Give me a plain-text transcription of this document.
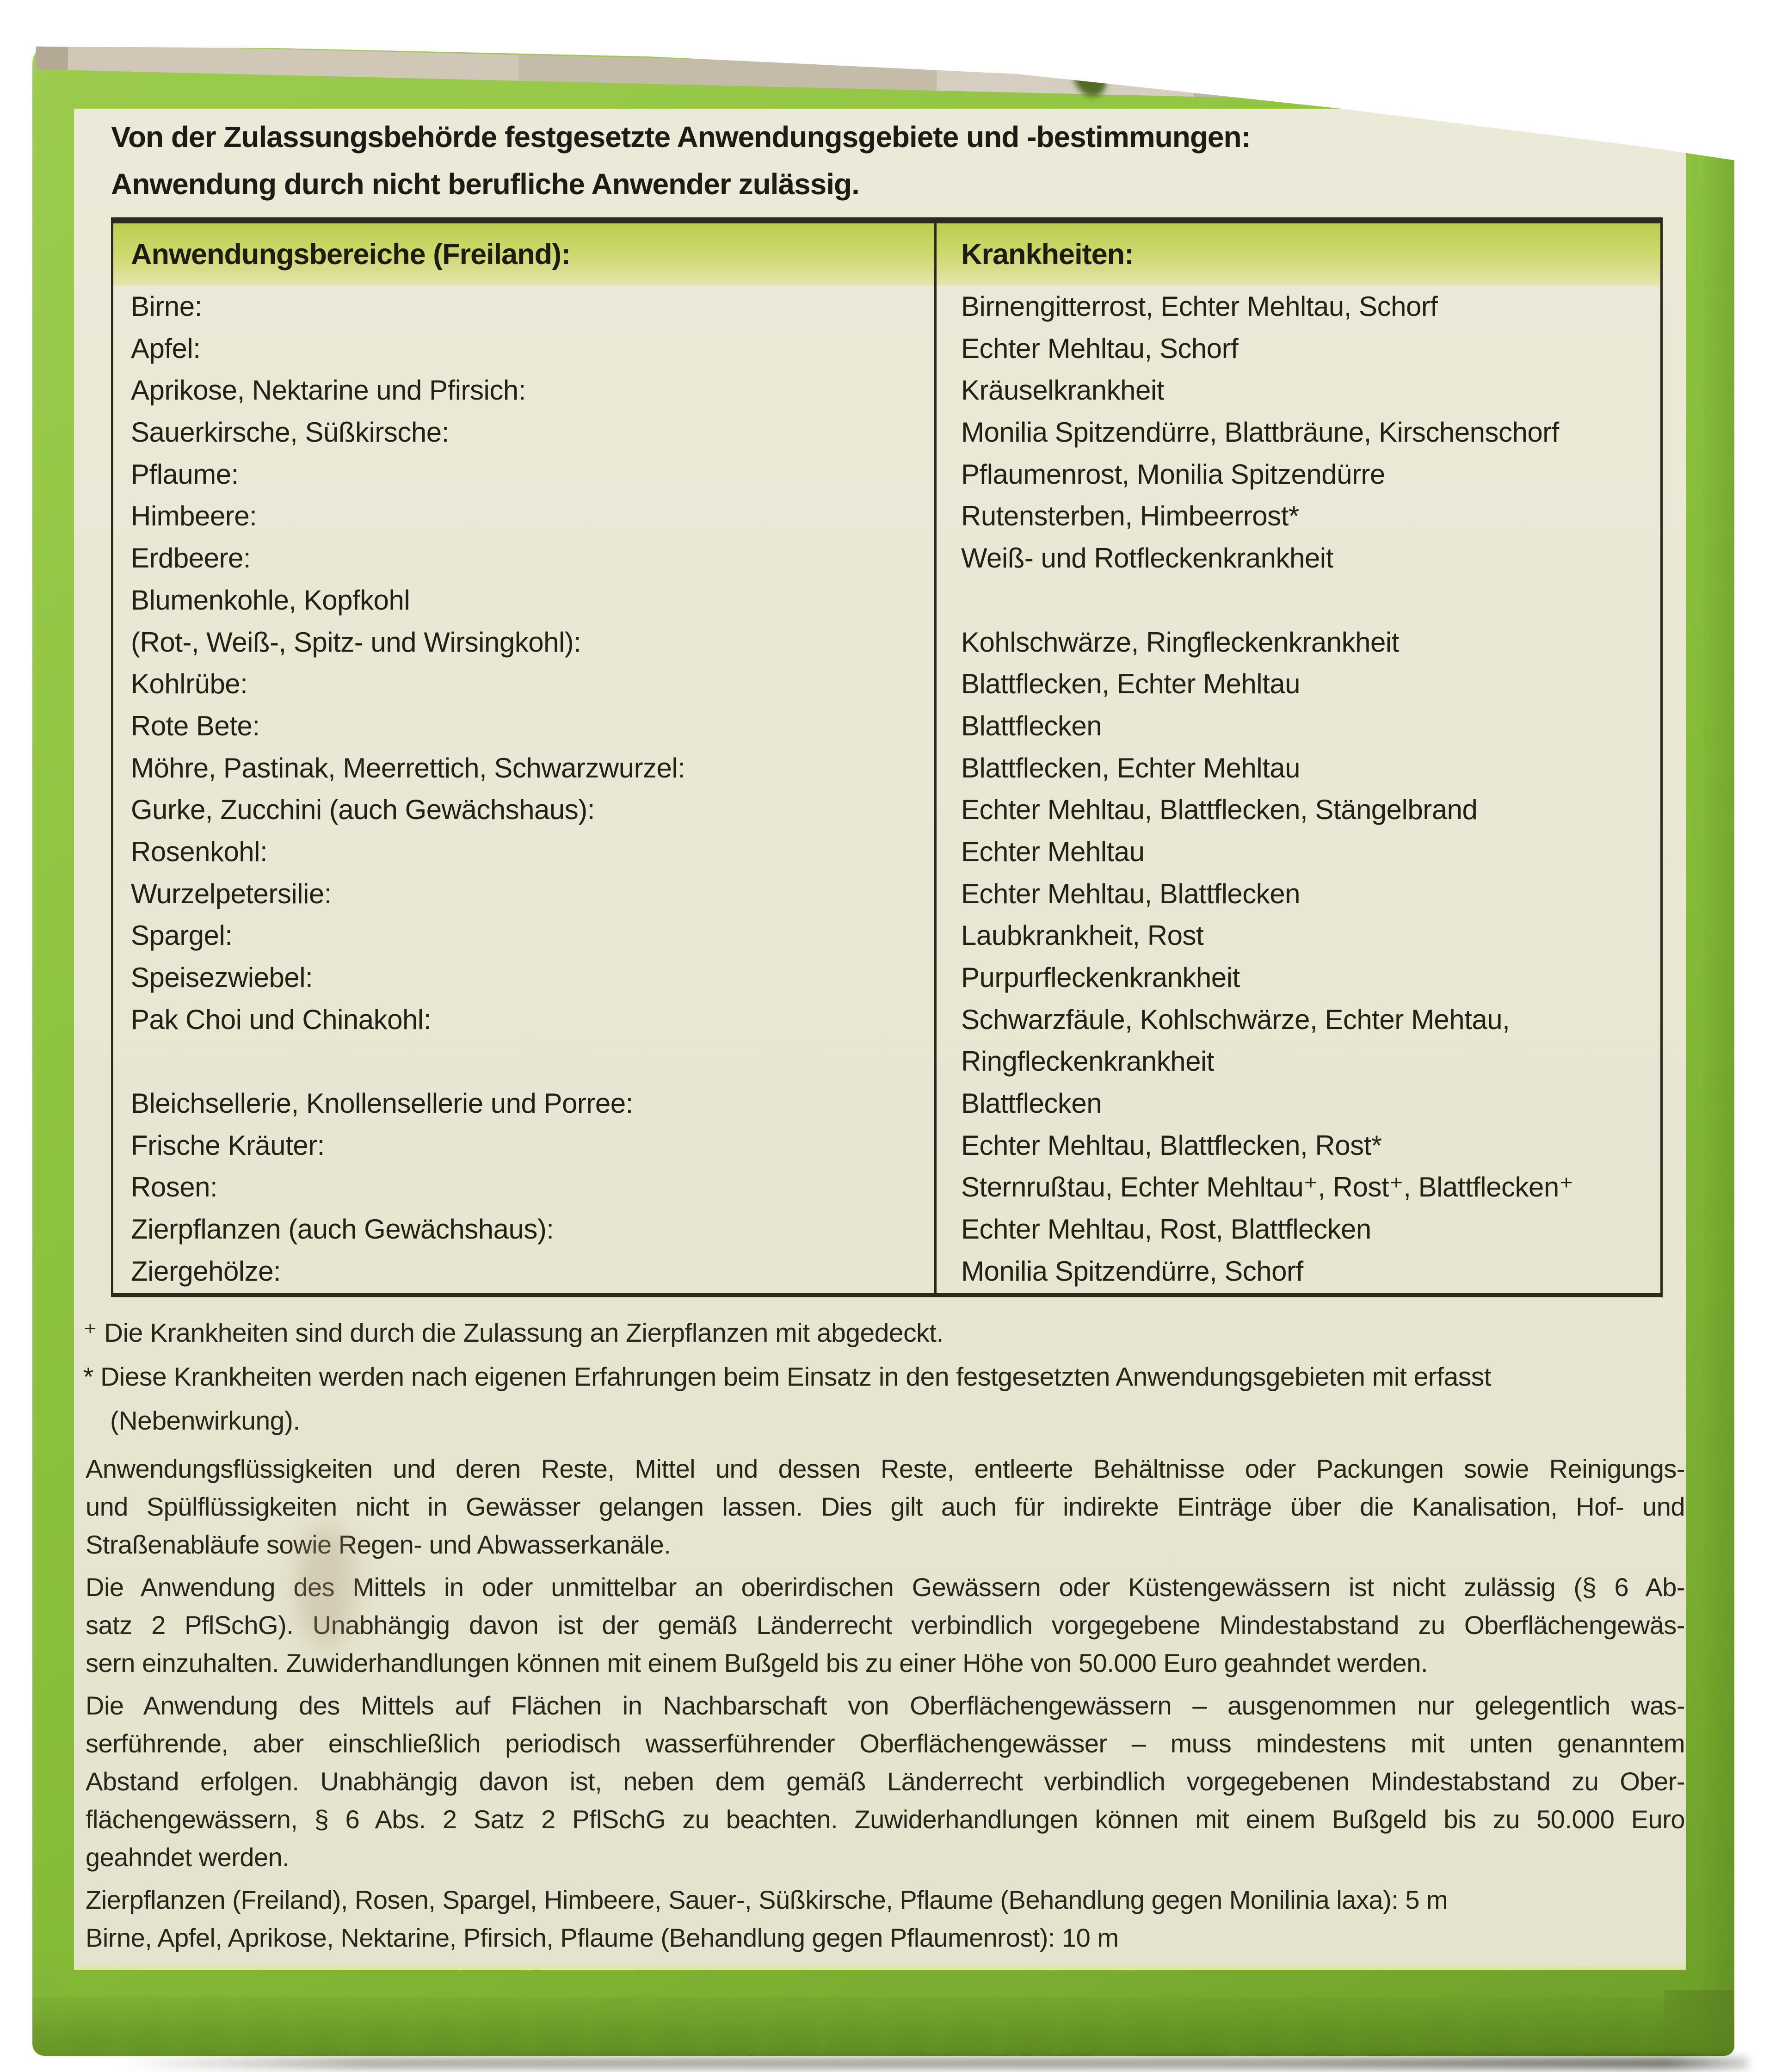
Von der Zulassungsbehörde festgesetzte Anwendungsgebiete und -bestimmungen:
Anwendung durch nicht berufliche Anwender zulässig.
Anwendungsbereiche (Freiland):	Krankheiten:
Birne:	Birnengitterrost, Echter Mehltau, Schorf
Apfel:	Echter Mehltau, Schorf
Aprikose, Nektarine und Pfirsich:	Kräuselkrankheit
Sauerkirsche, Süßkirsche:	Monilia Spitzendürre, Blattbräune, Kirschenschorf
Pflaume:	Pflaumenrost, Monilia Spitzendürre
Himbeere:	Rutensterben, Himbeerrost*
Erdbeere:	Weiß- und Rotfleckenkrankheit
Blumenkohle, Kopfkohl
(Rot-, Weiß-, Spitz- und Wirsingkohl):	Kohlschwärze, Ringfleckenkrankheit
Kohlrübe:	Blattflecken, Echter Mehltau
Rote Bete:	Blattflecken
Möhre, Pastinak, Meerrettich, Schwarzwurzel:	Blattflecken, Echter Mehltau
Gurke, Zucchini (auch Gewächshaus):	Echter Mehltau, Blattflecken, Stängelbrand
Rosenkohl:	Echter Mehltau
Wurzelpetersilie:	Echter Mehltau, Blattflecken
Spargel:	Laubkrankheit, Rost
Speisezwiebel:	Purpurfleckenkrankheit
Pak Choi und Chinakohl:	Schwarzfäule, Kohlschwärze, Echter Mehtau,
Ringfleckenkrankheit
Bleichsellerie, Knollensellerie und Porree:	Blattflecken
Frische Kräuter:	Echter Mehltau, Blattflecken, Rost*
Rosen:	Sternrußtau, Echter Mehltau⁺, Rost⁺, Blattflecken⁺
Zierpflanzen (auch Gewächshaus):	Echter Mehltau, Rost, Blattflecken
Ziergehölze:	Monilia Spitzendürre, Schorf
⁺ Die Krankheiten sind durch die Zulassung an Zierpflanzen mit abgedeckt.
* Diese Krankheiten werden nach eigenen Erfahrungen beim Einsatz in den festgesetzten Anwendungsgebieten mit erfasst
(Nebenwirkung).
Anwendungsflüssigkeiten und deren Reste, Mittel und dessen Reste, entleerte Behältnisse oder Packungen sowie Reinigungs-
und Spülflüssigkeiten nicht in Gewässer gelangen lassen. Dies gilt auch für indirekte Einträge über die Kanalisation, Hof- und
Straßenabläufe sowie Regen- und Abwasserkanäle.
Die Anwendung des Mittels in oder unmittelbar an oberirdischen Gewässern oder Küstengewässern ist nicht zulässig (§ 6 Ab-
satz 2 PflSchG). Unabhängig davon ist der gemäß Länderrecht verbindlich vorgegebene Mindestabstand zu Oberflächengewäs-
sern einzuhalten. Zuwiderhandlungen können mit einem Bußgeld bis zu einer Höhe von 50.000 Euro geahndet werden.
Die Anwendung des Mittels auf Flächen in Nachbarschaft von Oberflächengewässern – ausgenommen nur gelegentlich was-
serführende, aber einschließlich periodisch wasserführender Oberflächengewässer – muss mindestens mit unten genanntem
Abstand erfolgen. Unabhängig davon ist, neben dem gemäß Länderrecht verbindlich vorgegebenen Mindestabstand zu Ober-
flächengewässern, § 6 Abs. 2 Satz 2 PflSchG zu beachten. Zuwiderhandlungen können mit einem Bußgeld bis zu 50.000 Euro
geahndet werden.
Zierpflanzen (Freiland), Rosen, Spargel, Himbeere, Sauer-, Süßkirsche, Pflaume (Behandlung gegen Monilinia laxa): 5 m
Birne, Apfel, Aprikose, Nektarine, Pfirsich, Pflaume (Behandlung gegen Pflaumenrost): 10 m
